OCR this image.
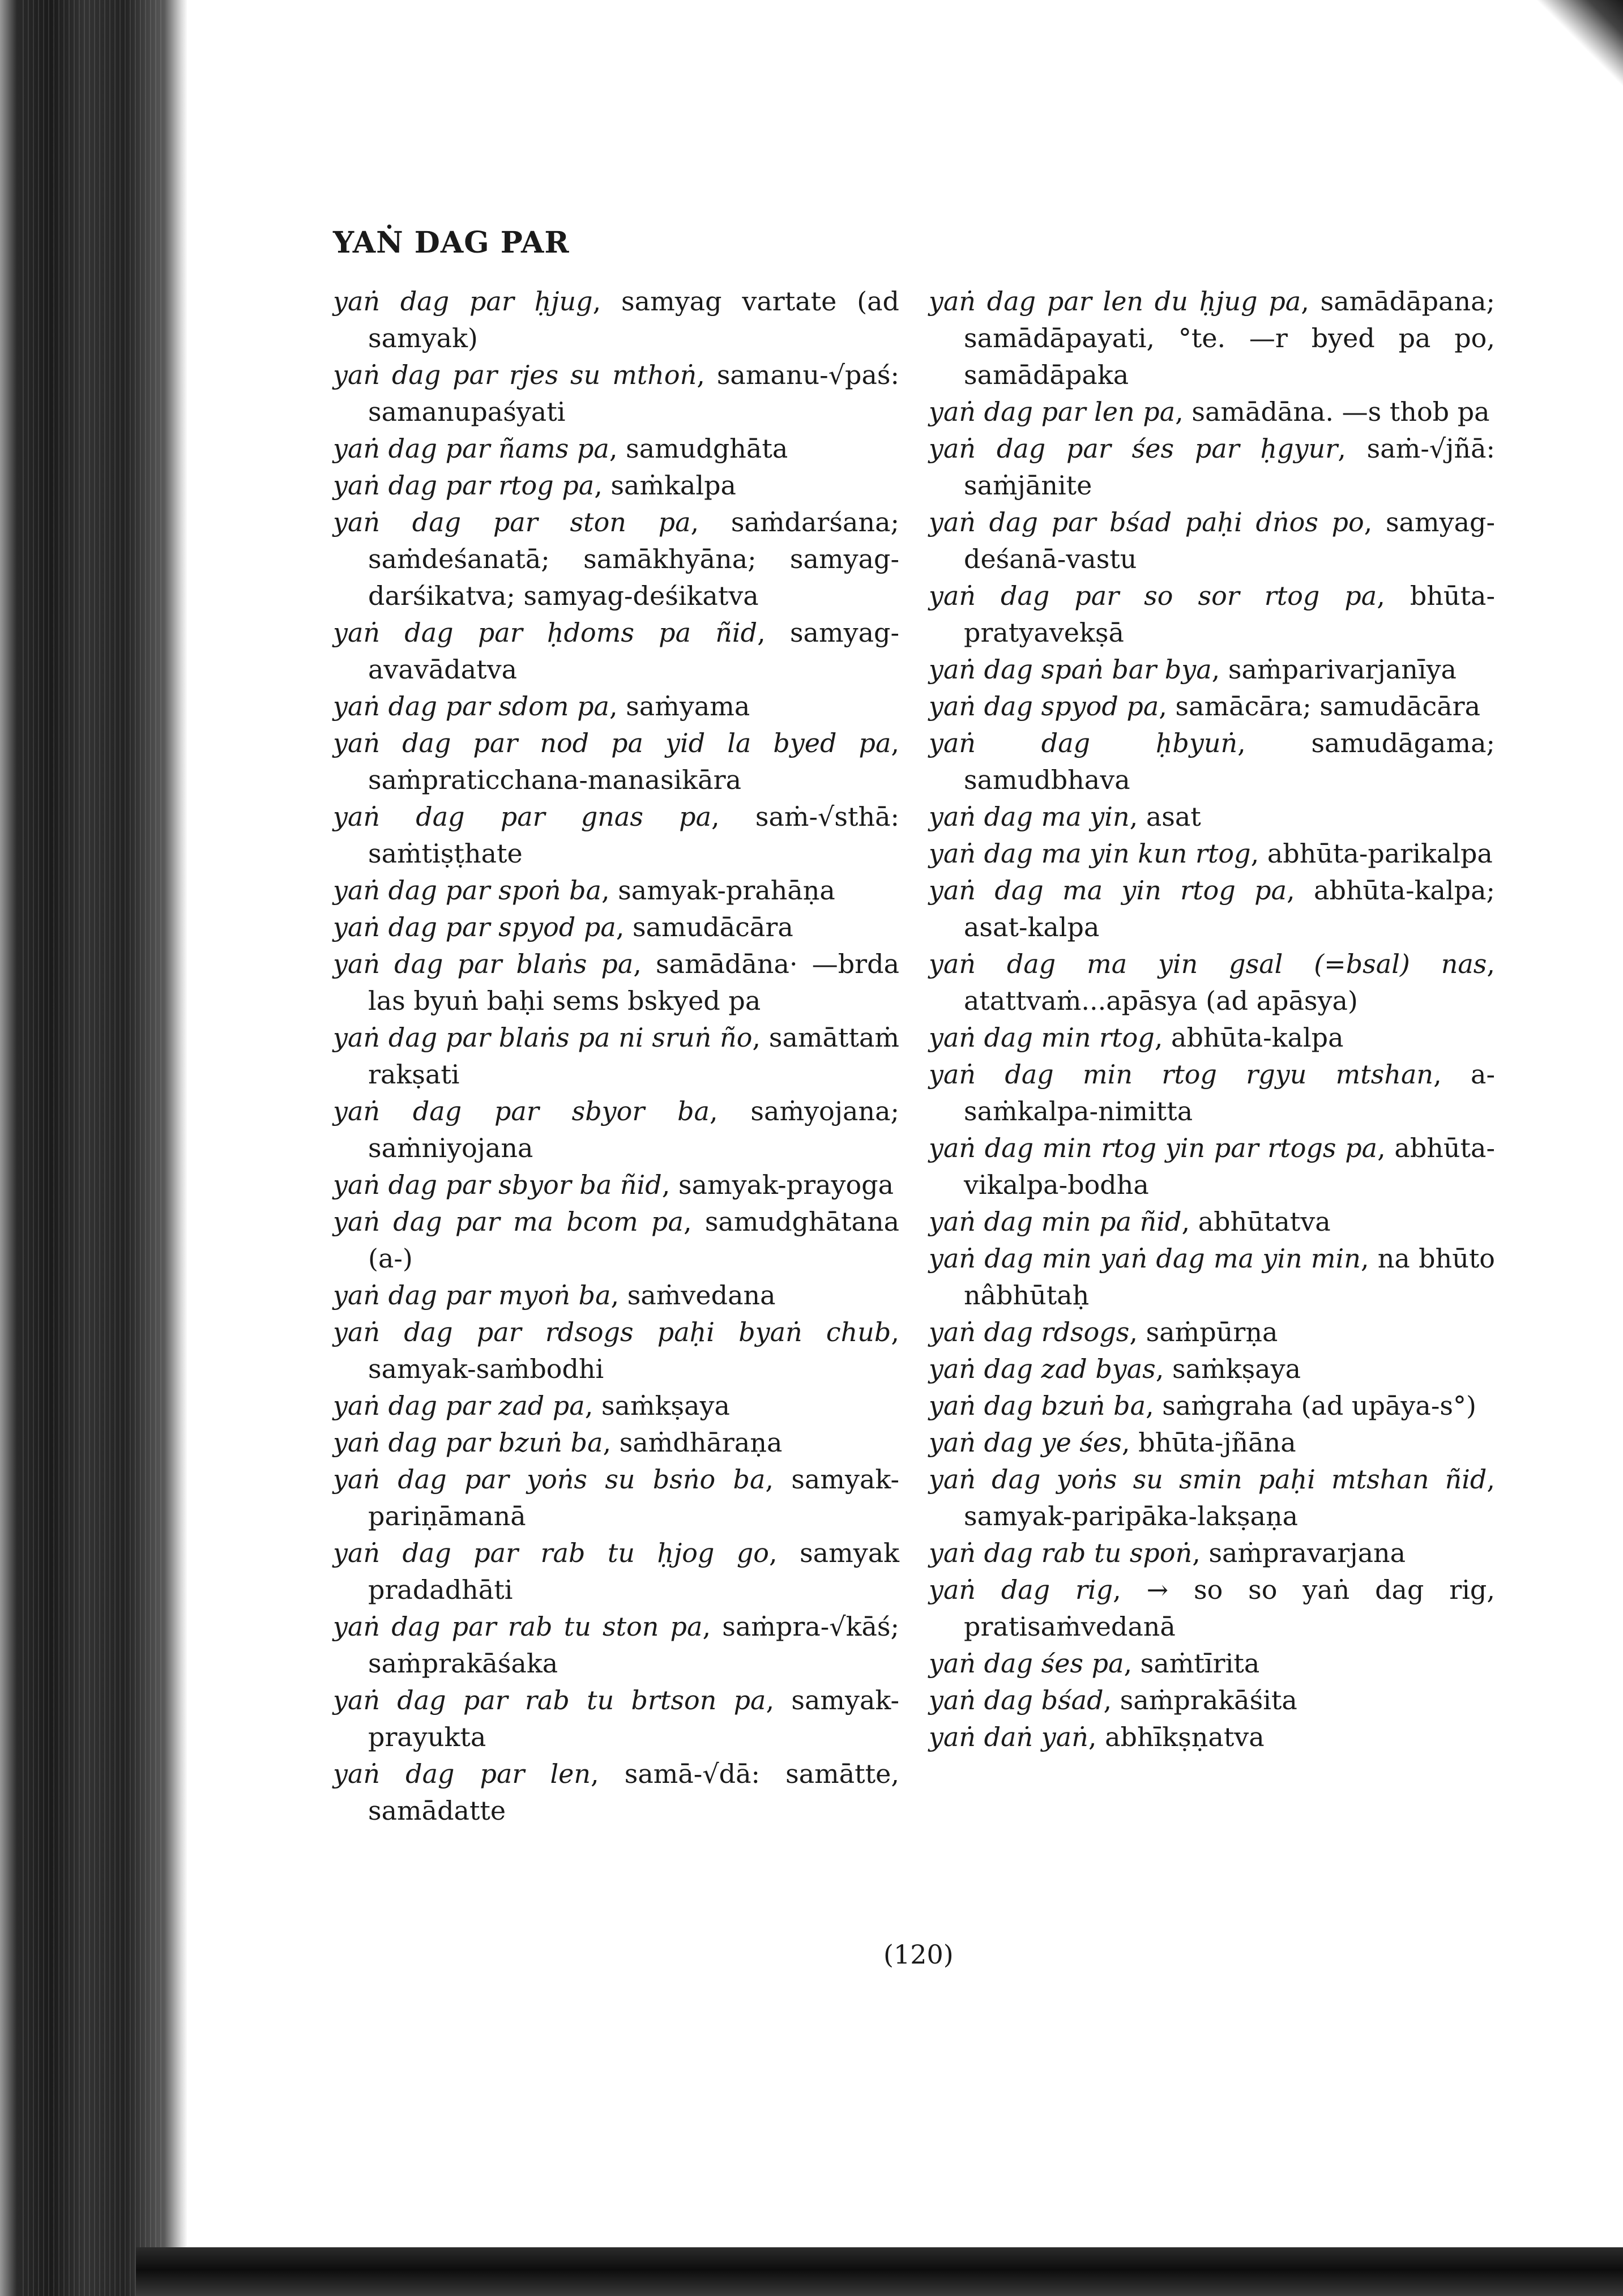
YAṄ DAG PAR
yaṅ dag par ḥjug , samyag vartate (ad samyak)
yaṅ dag par rjes su mthoṅ , samanu-√paś: samanupaśyati
yaṅ dag par ñams pa , samudghāta
yaṅ dag par rtog pa , saṁkalpa
yaṅ dag par ston pa , saṁdarśana; saṁdeśanatā; samākhyāna; samyag-darśikatva; samyag-deśikatva
yaṅ dag par ḥdoms pa ñid , samyag-avavādatva
yaṅ dag par sdom pa , saṁyama
yaṅ dag par nod pa yid la byed pa , saṁpraticchana-manasikāra
yaṅ dag par gnas pa , saṁ-√sthā: saṁtiṣṭhate
yaṅ dag par spoṅ ba , samyak-prahāṇa
yaṅ dag par spyod pa , samudācāra
yaṅ dag par blaṅs pa , samādāna· —brda las byuṅ baḥi sems bskyed pa
yaṅ dag par blaṅs pa ni sruṅ ño , samāttaṁ rakṣati
yaṅ dag par sbyor ba , saṁyojana; saṁniyojana
yaṅ dag par sbyor ba ñid , samyak-prayoga
yaṅ dag par ma bcom pa , samudghātana (a-)
yaṅ dag par myoṅ ba , saṁvedana
yaṅ dag par rdsogs paḥi byaṅ chub , samyak-saṁbodhi
yaṅ dag par zad pa , saṁkṣaya
yaṅ dag par bzuṅ ba , saṁdhāraṇa
yaṅ dag par yoṅs su bsṅo ba , samyak-pariṇāmanā
yaṅ dag par rab tu ḥjog go , samyak pradadhāti
yaṅ dag par rab tu ston pa , saṁpra-√kāś; saṁprakāśaka
yaṅ dag par rab tu brtson pa , samyak-prayukta
yaṅ dag par len , samā-√dā: samātte, samādatte
yaṅ dag par len du ḥjug pa , samādāpana; samādāpayati, °te. —r byed pa po, samādāpaka
yaṅ dag par len pa , samādāna. —s thob pa
yaṅ dag par śes par ḥgyur , saṁ-√jñā: saṁjānite
yaṅ dag par bśad paḥi dṅos po , samyag-deśanā-vastu
yaṅ dag par so sor rtog pa , bhūta-pratyavekṣā
yaṅ dag spaṅ bar bya , saṁparivarjanīya
yaṅ dag spyod pa , samācāra; samudācāra
yaṅ dag ḥbyuṅ ,	samudāgama; samudbhava
yaṅ dag ma yin , asat
yaṅ dag ma yin kun rtog , abhūta-parikalpa
yaṅ dag ma yin rtog pa , abhūta-kalpa; asat-kalpa
yaṅ dag ma yin gsal (=bsal) nas , atattvaṁ...apāsya (ad apāsya)
yaṅ dag min rtog , abhūta-kalpa
yaṅ dag min rtog rgyu mtshan , a-saṁkalpa-nimitta
yaṅ dag min rtog yin par rtogs pa , abhūta-vikalpa-bodha
yaṅ dag min pa ñid , abhūtatva
yaṅ dag min yaṅ dag ma yin min , na bhūto nâbhūtaḥ
yaṅ dag rdsogs , saṁpūrṇa
yaṅ dag zad byas , saṁkṣaya
yaṅ dag bzuṅ ba , saṁgraha (ad upāya-s°)
yaṅ dag ye śes , bhūta-jñāna
yaṅ dag yoṅs su smin paḥi mtshan ñid , samyak-paripāka-lakṣaṇa
yaṅ dag rab tu spoṅ , saṁpravarjana
yaṅ dag rig , → so so yaṅ dag rig, pratisaṁvedanā
yaṅ dag śes pa , saṁtīrita
yaṅ dag bśad , saṁprakāśita
yaṅ daṅ yaṅ , abhīkṣṇatva

(120)
